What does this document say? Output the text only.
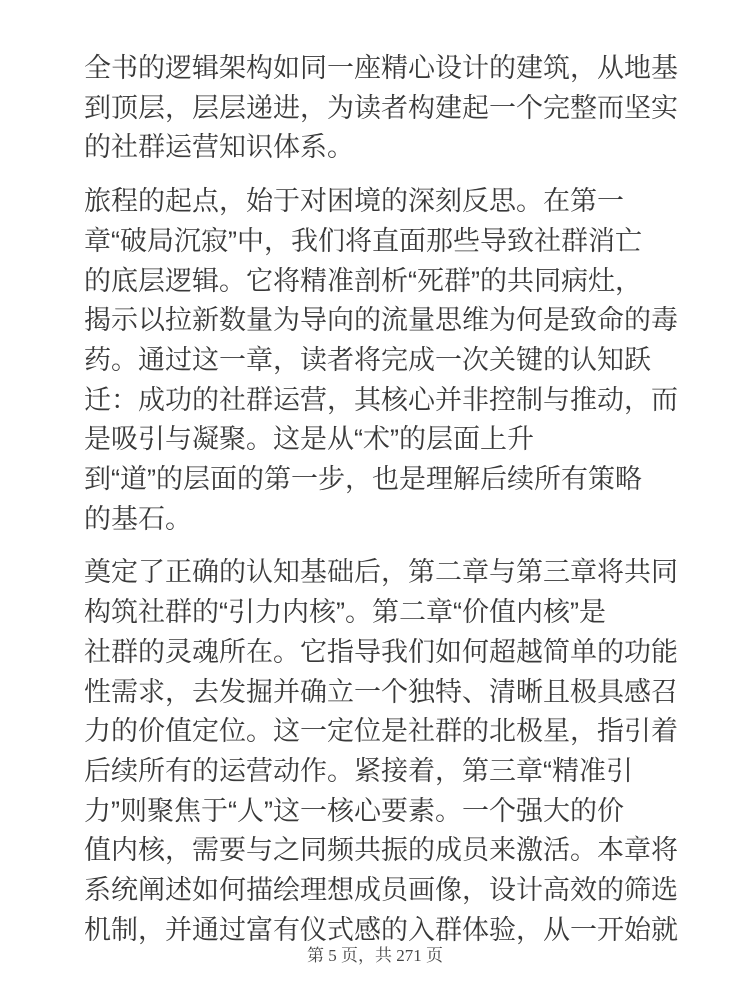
全书的逻辑架构如同一座精心设计的建筑，从地基
到顶层，层层递进，为读者构建起一个完整而坚实
的社群运营知识体系。
旅程的起点，始于对困境的深刻反思。在第一
章“破局沉寂”中，我们将直面那些导致社群消亡
的底层逻辑。它将精准剖析“死群”的共同病灶，
揭示以拉新数量为导向的流量思维为何是致命的毒
药。通过这一章，读者将完成一次关键的认知跃
迁：成功的社群运营，其核心并非控制与推动，而
是吸引与凝聚。这是从“术”的层面上升
到“道”的层面的第一步，也是理解后续所有策略
的基石。
奠定了正确的认知基础后，第二章与第三章将共同
构筑社群的“引力内核”。第二章“价值内核”是
社群的灵魂所在。它指导我们如何超越简单的功能
性需求，去发掘并确立一个独特、清晰且极具感召
力的价值定位。这一定位是社群的北极星，指引着
后续所有的运营动作。紧接着，第三章“精准引
力”则聚焦于“人”这一核心要素。一个强大的价
值内核，需要与之同频共振的成员来激活。本章将
系统阐述如何描绘理想成员画像，设计高效的筛选
机制，并通过富有仪式感的入群体验，从一开始就
第 5 页，共 271 页
